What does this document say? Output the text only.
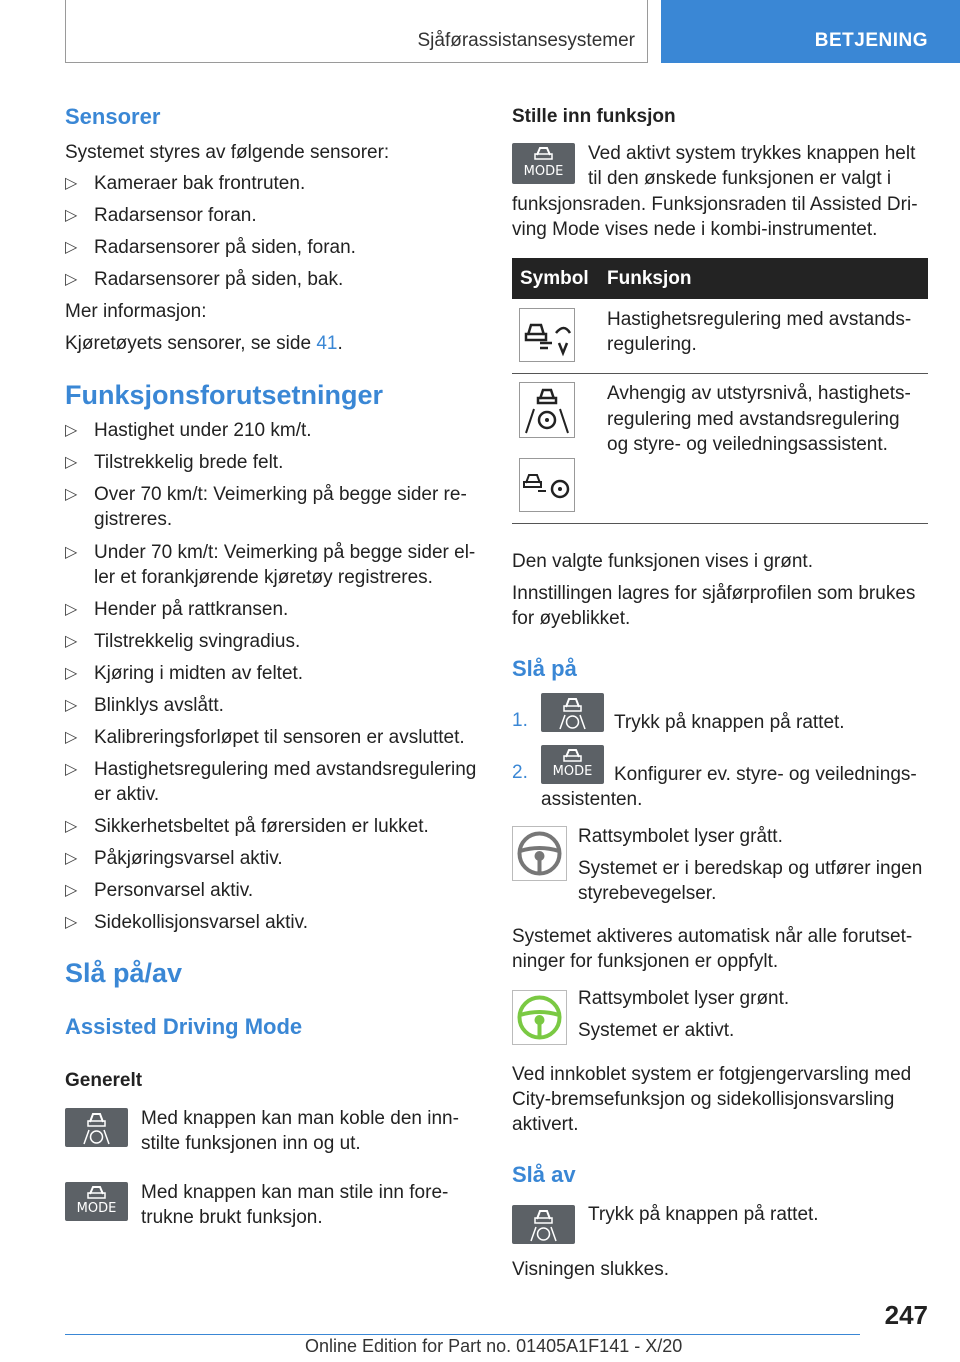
Sjåførassistansesystemer	BETJENING
Sensorer
Systemet styres av følgende sensorer:
▷ Kameraer bak frontruten.
▷ Radarsensor foran.
▷ Radarsensorer på siden, foran.
▷ Radarsensorer på siden, bak.
Mer informasjon:
Kjøretøyets sensorer, se side 41.
Funksjonsforutsetninger
▷ Hastighet under 210 km/t.
▷ Tilstrekkelig brede felt.
▷ Over 70 km/t: Veimerking på begge sider re-
gistreres.
▷ Under 70 km/t: Veimerking på begge sider el-
ler et forankjørende kjøretøy registreres.
▷ Hender på rattkransen.
▷ Tilstrekkelig svingradius.
▷ Kjøring i midten av feltet.
▷ Blinklys avslått.
▷ Kalibreringsforløpet til sensoren er avsluttet.
▷ Hastighetsregulering med avstandsregulering
er aktiv.
▷ Sikkerhetsbeltet på førersiden er lukket.
▷ Påkjøringsvarsel aktiv.
▷ Personvarsel aktiv.
▷ Sidekollisjonsvarsel aktiv.
Slå på/av
Assisted Driving Mode
Generelt
Med knappen kan man koble den inn-
stilte funksjonen inn og ut.
MODE
Med knappen kan man stile inn fore-
trukne brukt funksjon.
Stille inn funksjon
MODE
Ved aktivt system trykkes knappen helt
til den ønskede funksjonen er valgt i
funksjonsraden. Funksjonsraden til Assisted Dri-
ving Mode vises nede i kombi-instrumentet.
Symbol Funksjon
Hastighetsregulering med avstands-
regulering.
Avhengig av utstyrsnivå, hastighets-
regulering med avstandsregulering
og styre- og veiledningsassistent.
Den valgte funksjonen vises i grønt.
Innstillingen lagres for sjåførprofilen som brukes
for øyeblikket.
Slå på
1.	Trykk på knappen på rattet.
2.	MODE	Konfigurer ev. styre- og veilednings-
assistenten.
Rattsymbolet lyser grått.
Systemet er i beredskap og utfører ingen
styrebevegelser.
Systemet aktiveres automatisk når alle forutset-
ninger for funksjonen er oppfylt.
Rattsymbolet lyser grønt.
Systemet er aktivt.
Ved innkoblet system er fotgjengervarsling med
City-bremsefunksjon og sidekollisjonsvarsling
aktivert.
Slå av
Trykk på knappen på rattet.
Visningen slukkes.
247
Online Edition for Part no. 01405A1F141 - X/20
